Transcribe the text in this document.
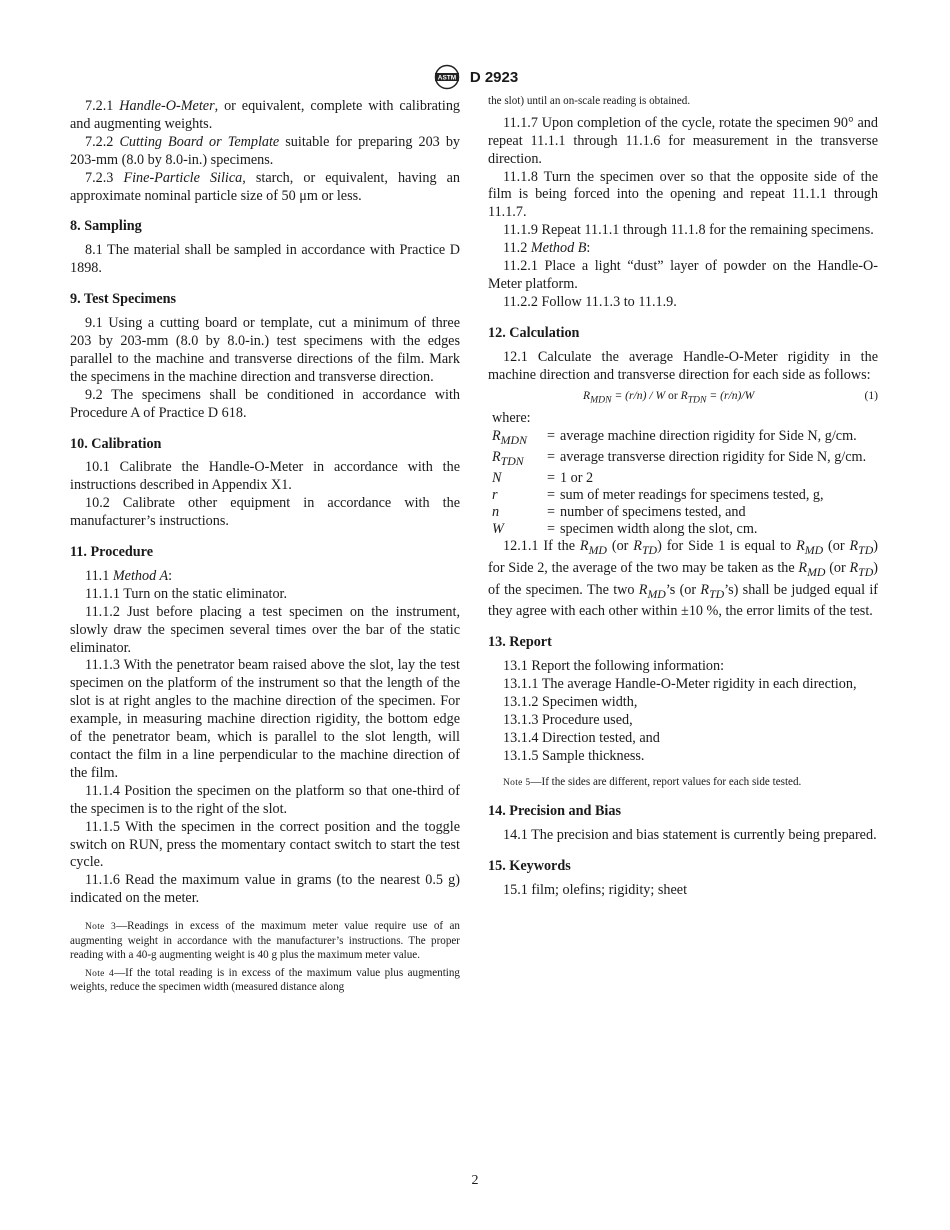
ASTM D 2923

7.2.1 Handle-O-Meter, or equivalent, complete with calibrating and augmenting weights.

7.2.2 Cutting Board or Template suitable for preparing 203 by 203-mm (8.0 by 8.0-in.) specimens.

7.2.3 Fine-Particle Silica, starch, or equivalent, having an approximate nominal particle size of 50 μm or less.

8. Sampling

8.1 The material shall be sampled in accordance with Practice D 1898.

9. Test Specimens

9.1 Using a cutting board or template, cut a minimum of three 203 by 203-mm (8.0 by 8.0-in.) test specimens with the edges parallel to the machine and transverse directions of the film. Mark the specimens in the machine direction and transverse direction.

9.2 The specimens shall be conditioned in accordance with Procedure A of Practice D 618.

10. Calibration

10.1 Calibrate the Handle-O-Meter in accordance with the instructions described in Appendix X1.

10.2 Calibrate other equipment in accordance with the manufacturer’s instructions.

11. Procedure

11.1 Method A:

11.1.1 Turn on the static eliminator.

11.1.2 Just before placing a test specimen on the instrument, slowly draw the specimen several times over the bar of the static eliminator.

11.1.3 With the penetrator beam raised above the slot, lay the test specimen on the platform of the instrument so that the length of the slot is at right angles to the machine direction of the specimen. For example, in measuring machine direction rigidity, the bottom edge of the penetrator beam, which is parallel to the slot length, will contact the film in a line perpendicular to the machine direction of the film.

11.1.4 Position the specimen on the platform so that one-third of the specimen is to the right of the slot.

11.1.5 With the specimen in the correct position and the toggle switch on RUN, press the momentary contact switch to start the test cycle.

11.1.6 Read the maximum value in grams (to the nearest 0.5 g) indicated on the meter.

Note 3—Readings in excess of the maximum meter value require use of an augmenting weight in accordance with the manufacturer’s instructions. The proper reading with a 40-g augmenting weight is 40 g plus the maximum meter value.

Note 4—If the total reading is in excess of the maximum value plus augmenting weights, reduce the specimen width (measured distance along

the slot) until an on-scale reading is obtained.

11.1.7 Upon completion of the cycle, rotate the specimen 90° and repeat 11.1.1 through 11.1.6 for measurement in the transverse direction.

11.1.8 Turn the specimen over so that the opposite side of the film is being forced into the opening and repeat 11.1.1 through 11.1.7.

11.1.9 Repeat 11.1.1 through 11.1.8 for the remaining specimens.

11.2 Method B:

11.2.1 Place a light “dust” layer of powder on the Handle-O-Meter platform.

11.2.2 Follow 11.1.3 to 11.1.9.

12. Calculation

12.1 Calculate the average Handle-O-Meter rigidity in the machine direction and transverse direction for each side as follows:

$R_{MDN} = (r/n) / W$ or $R_{TDN} = (r/n)/W$	(1)

where:

$R_{MDN}$	=	average machine direction rigidity for Side N, g/cm.
$R_{TDN}$	=	average transverse direction rigidity for Side N, g/cm.
N	=	1 or 2
r	=	sum of meter readings for specimens tested, g,
n	=	number of specimens tested, and
W	=	specimen width along the slot, cm.

12.1.1 If the $R_{MD}$ (or $R_{TD}$) for Side 1 is equal to $R_{MD}$ (or $R_{TD}$) for Side 2, the average of the two may be taken as the $R_{MD}$ (or $R_{TD}$) of the specimen. The two $R_{MD}’s$ (or $R_{TD}’s$) shall be judged equal if they agree with each other within ±10 %, the error limits of the test.

13. Report

13.1 Report the following information:

13.1.1 The average Handle-O-Meter rigidity in each direction,

13.1.2 Specimen width,

13.1.3 Procedure used,

13.1.4 Direction tested, and

13.1.5 Sample thickness.

Note 5—If the sides are different, report values for each side tested.

14. Precision and Bias

14.1 The precision and bias statement is currently being prepared.

15. Keywords

15.1 film; olefins; rigidity; sheet

2
